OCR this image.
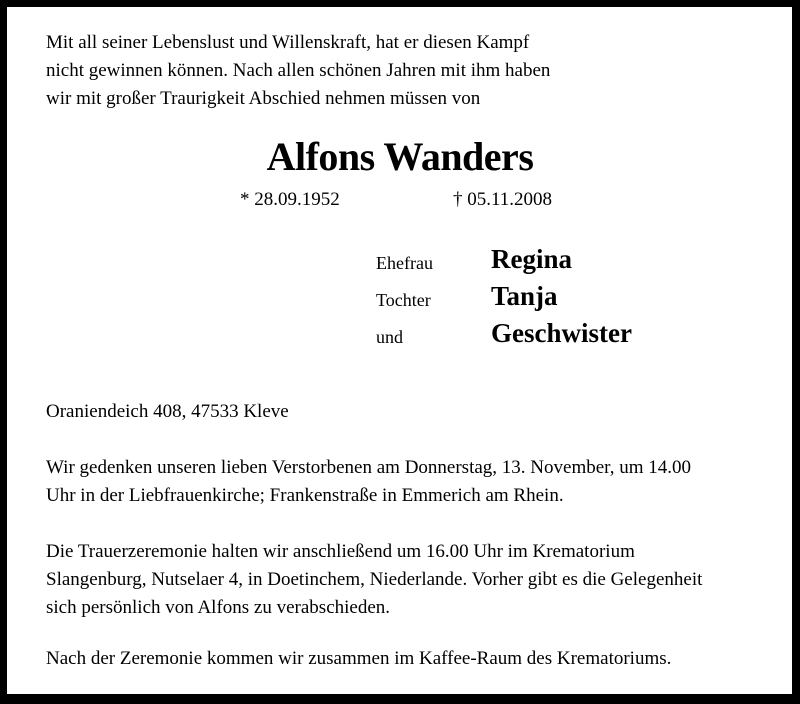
Mit all seiner Lebenslust und Willenskraft, hat er diesen Kampf
nicht gewinnen können. Nach allen schönen Jahren mit ihm haben
wir mit großer Traurigkeit Abschied nehmen müssen von

Alfons Wanders
* 28.09.1952	† 05.11.2008
Ehefrau Regina
Tochter Tanja
und	Geschwister

Oraniendeich 408, 47533 Kleve

Wir gedenken unseren lieben Verstorbenen am Donnerstag, 13. November, um 14.00
Uhr in der Liebfrauenkirche; Frankenstraße in Emmerich am Rhein.

Die Trauerzeremonie halten wir anschließend um 16.00 Uhr im Krematorium
Slangenburg, Nutselaer 4, in Doetinchem, Niederlande. Vorher gibt es die Gelegenheit
sich persönlich von Alfons zu verabschieden.

Nach der Zeremonie kommen wir zusammen im Kaffee-Raum des Krematoriums.
